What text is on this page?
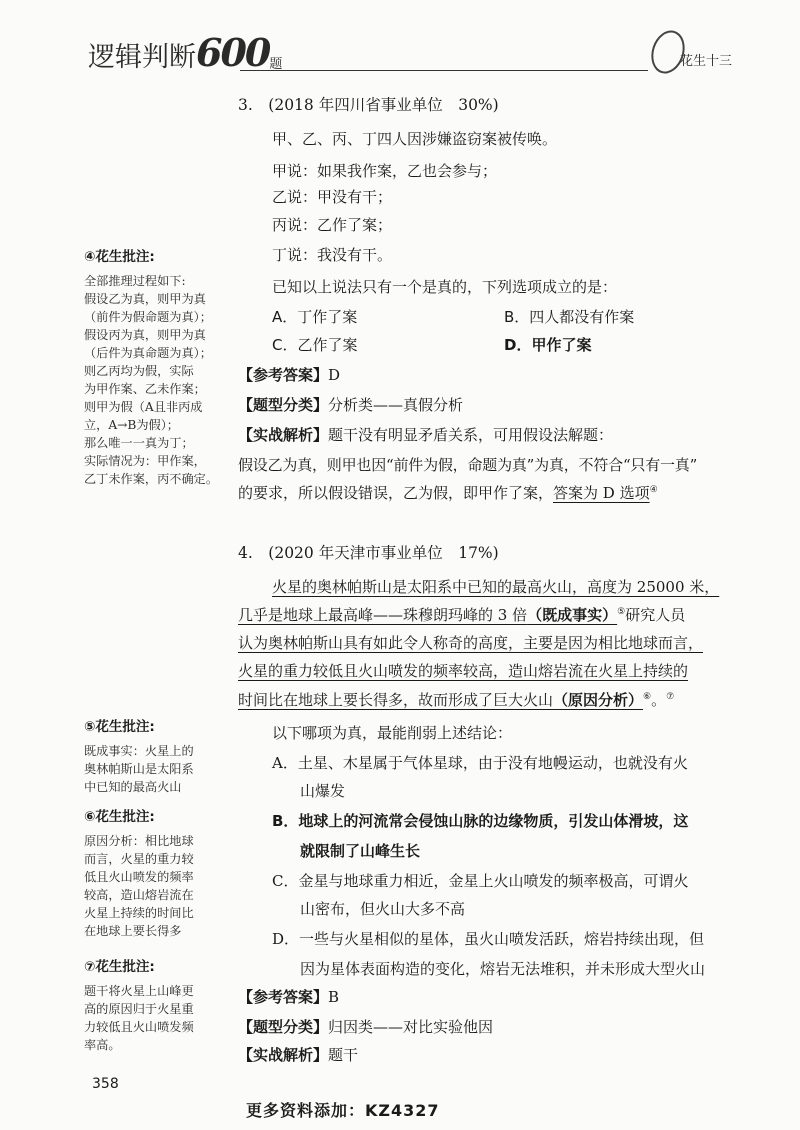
逻辑判断600题	花生十三
④花生批注:
全部推理过程如下:
假设乙为真，则甲为真
（前件为假命题为真）；
假设丙为真，则甲为真
（后件为真命题为真）；
则乙丙均为假，实际
为甲作案、乙未作案；
则甲为假（A且非丙成
立，A→B为假）；
那么唯一一真为丁；
实际情况为：甲作案，
乙丁未作案，丙不确定。
⑤花生批注:
既成事实：火星上的
奥林帕斯山是太阳系
中已知的最高火山
⑥花生批注:
原因分析：相比地球
而言，火星的重力较
低且火山喷发的频率
较高，造山熔岩流在
火星上持续的时间比
在地球上要长得多
⑦花生批注:
题干将火星上山峰更
高的原因归于火星重
力较低且火山喷发频
率高。
3.　(2018 年四川省事业单位　30%)
甲、乙、丙、丁四人因涉嫌盗窃案被传唤。
甲说：如果我作案，乙也会参与；
乙说：甲没有干；
丙说：乙作了案；
丁说：我没有干。
已知以上说法只有一个是真的，下列选项成立的是：
A．丁作了案	B．四人都没有作案
C．乙作了案	D．甲作了案
【参考答案】D
【题型分类】分析类——真假分析
【实战解析】题干没有明显矛盾关系，可用假设法解题：
假设乙为真，则甲也因“前件为假，命题为真”为真，不符合“只有一真”
的要求，所以假设错误，乙为假，即甲作了案，答案为 D 选项④
4.　(2020 年天津市事业单位　17%)
火星的奥林帕斯山是太阳系中已知的最高火山，高度为 25000 米，
几乎是地球上最高峰——珠穆朗玛峰的 3 倍（既成事实）⑤研究人员
认为奥林帕斯山具有如此令人称奇的高度，主要是因为相比地球而言，
火星的重力较低且火山喷发的频率较高，造山熔岩流在火星上持续的
时间比在地球上要长得多，故而形成了巨大火山（原因分析）⑥。⑦
以下哪项为真，最能削弱上述结论：
A．土星、木星属于气体星球，由于没有地幔运动，也就没有火
山爆发
B．地球上的河流常会侵蚀山脉的边缘物质，引发山体滑坡，这
就限制了山峰生长
C．金星与地球重力相近，金星上火山喷发的频率极高，可谓火
山密布，但火山大多不高
D．一些与火星相似的星体，虽火山喷发活跃，熔岩持续出现，但
因为星体表面构造的变化，熔岩无法堆积，并未形成大型火山
【参考答案】B
【题型分类】归因类——对比实验他因
【实战解析】题干
358
更多资料添加：KZ4327
